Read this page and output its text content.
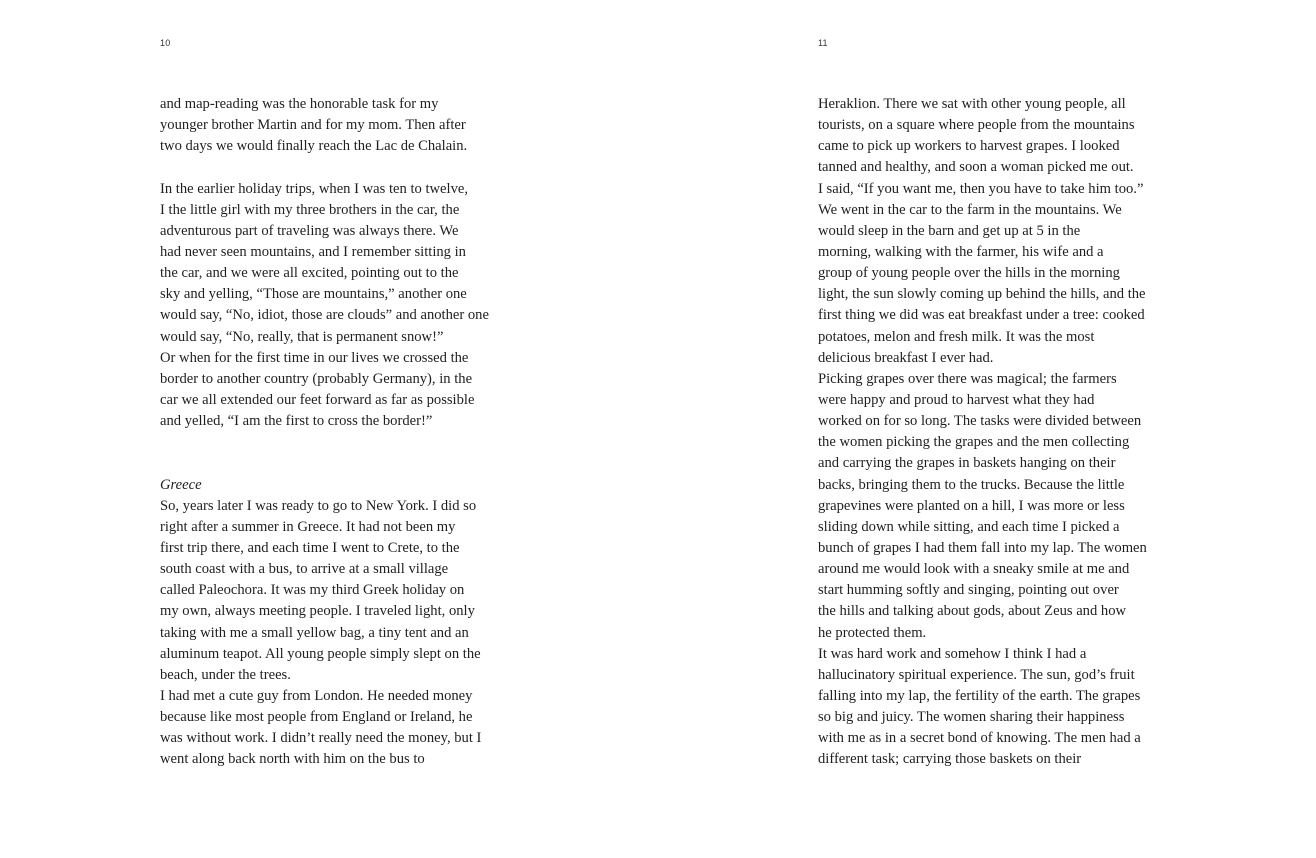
10
and map-reading was the honorable task for my
younger brother Martin and for my mom. Then after
two days we would finally reach the Lac de Chalain.
In the earlier holiday trips, when I was ten to twelve,
I the little girl with my three brothers in the car, the
adventurous part of traveling was always there. We
had never seen mountains, and I remember sitting in
the car, and we were all excited, pointing out to the
sky and yelling, “Those are mountains,” another one
would say, “No, idiot, those are clouds” and another one
would say, “No, really, that is permanent snow!”
Or when for the first time in our lives we crossed the
border to another country (probably Germany), in the
car we all extended our feet forward as far as possible
and yelled, “I am the first to cross the border!”
Greece
So, years later I was ready to go to New York. I did so
right after a summer in Greece. It had not been my
first trip there, and each time I went to Crete, to the
south coast with a bus, to arrive at a small village
called Paleochora. It was my third Greek holiday on
my own, always meeting people. I traveled light, only
taking with me a small yellow bag, a tiny tent and an
aluminum teapot. All young people simply slept on the
beach, under the trees.
I had met a cute guy from London. He needed money
because like most people from England or Ireland, he
was without work. I didn’t really need the money, but I
went along back north with him on the bus to
11
Heraklion. There we sat with other young people, all
tourists, on a square where people from the mountains
came to pick up workers to harvest grapes. I looked
tanned and healthy, and soon a woman picked me out.
I said, “If you want me, then you have to take him too.”
We went in the car to the farm in the mountains. We
would sleep in the barn and get up at 5 in the
morning, walking with the farmer, his wife and a
group of young people over the hills in the morning
light, the sun slowly coming up behind the hills, and the
first thing we did was eat breakfast under a tree: cooked
potatoes, melon and fresh milk. It was the most
delicious breakfast I ever had.
Picking grapes over there was magical; the farmers
were happy and proud to harvest what they had
worked on for so long. The tasks were divided between
the women picking the grapes and the men collecting
and carrying the grapes in baskets hanging on their
backs, bringing them to the trucks. Because the little
grapevines were planted on a hill, I was more or less
sliding down while sitting, and each time I picked a
bunch of grapes I had them fall into my lap. The women
around me would look with a sneaky smile at me and
start humming softly and singing, pointing out over
the hills and talking about gods, about Zeus and how
he protected them.
It was hard work and somehow I think I had a
hallucinatory spiritual experience. The sun, god’s fruit
falling into my lap, the fertility of the earth. The grapes
so big and juicy. The women sharing their happiness
with me as in a secret bond of knowing. The men had a
different task; carrying those baskets on their
